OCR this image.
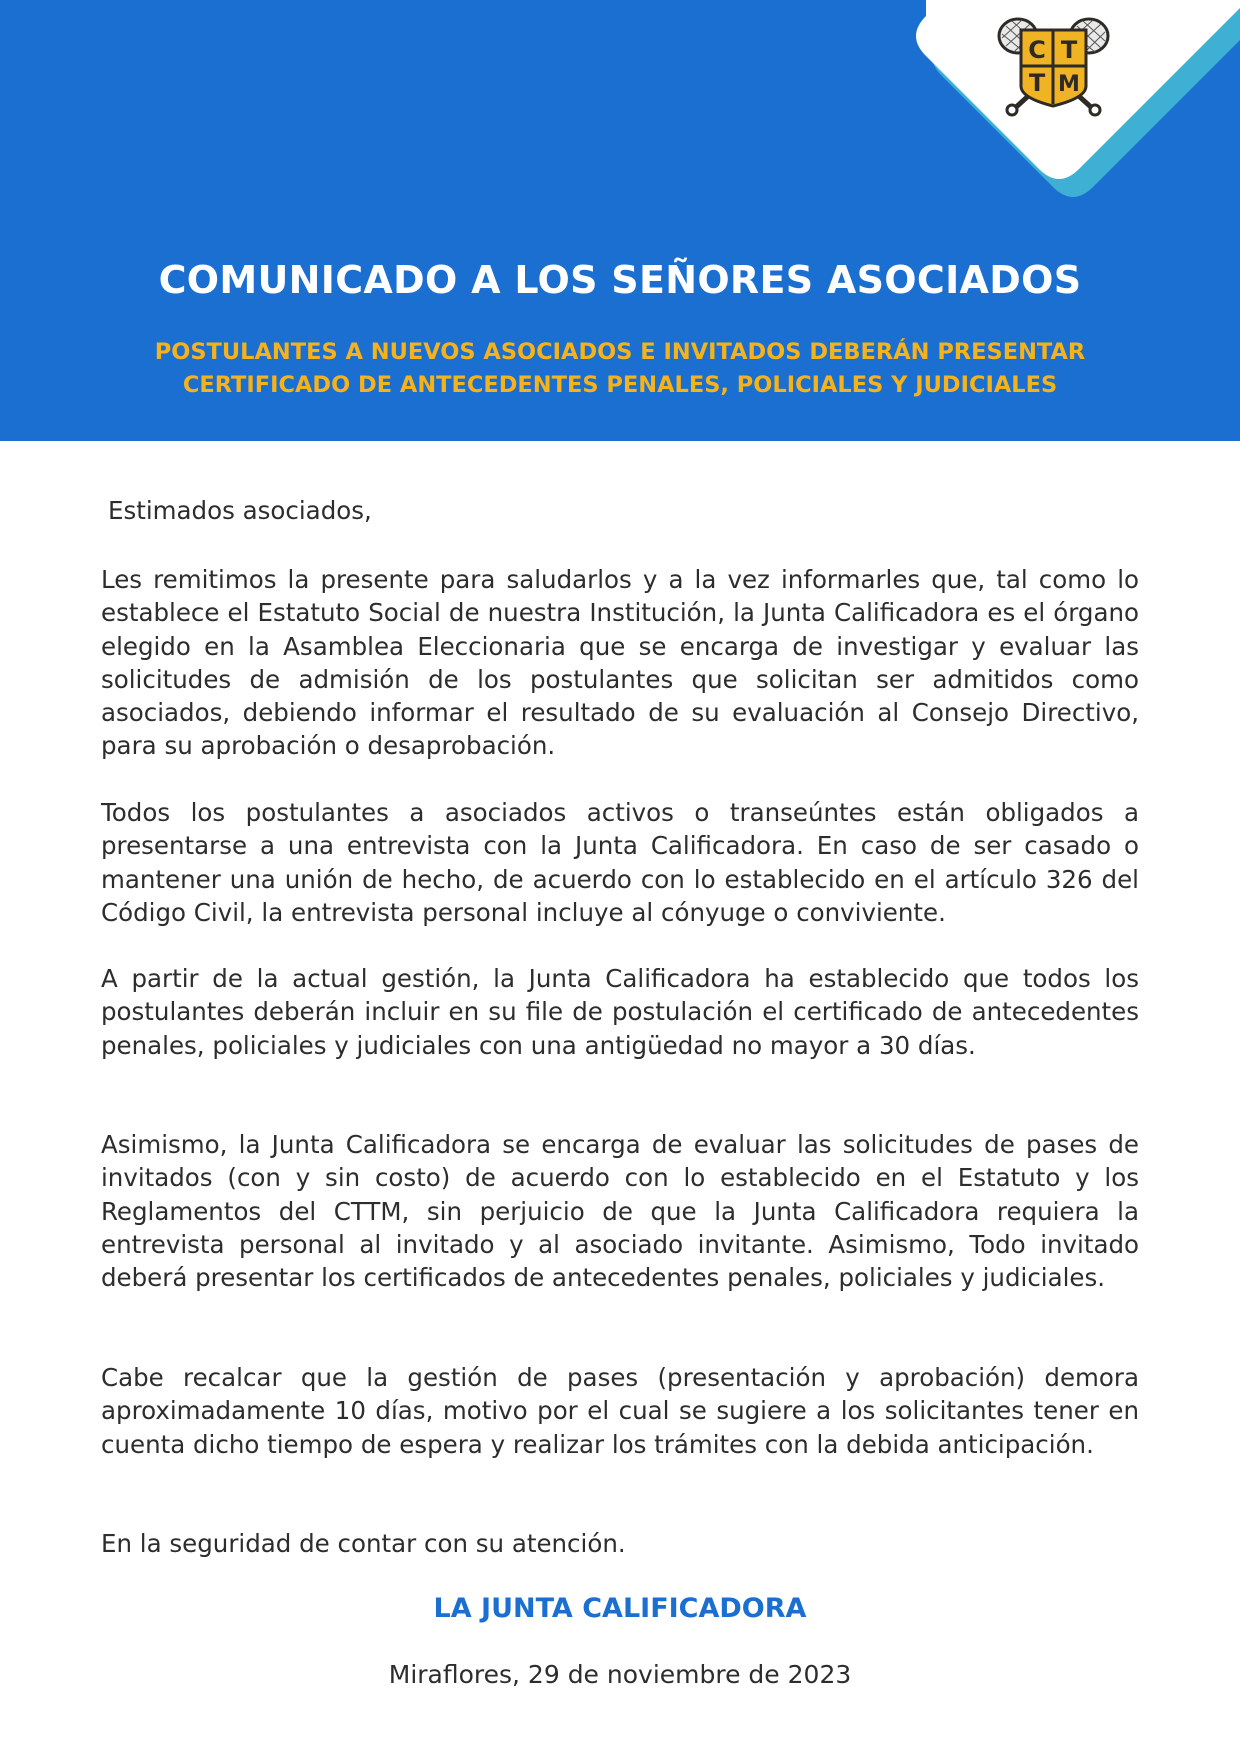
C T
T M
COMUNICADO A LOS SEÑORES ASOCIADOS
POSTULANTES A NUEVOS ASOCIADOS E INVITADOS DEBERÁN PRESENTAR
CERTIFICADO DE ANTECEDENTES PENALES, POLICIALES Y JUDICIALES
Estimados asociados,
Les remitimos la presente para saludarlos y a la vez informarles que, tal como lo establece el Estatuto Social de nuestra Institución, la Junta Calificadora es el órgano elegido en la Asamblea Eleccionaria que se encarga de investigar y evaluar las solicitudes de admisión de los postulantes que solicitan ser admitidos como asociados, debiendo informar el resultado de su evaluación al Consejo Directivo, para su aprobación o desaprobación.
Todos los postulantes a asociados activos o transeúntes están obligados a presentarse a una entrevista con la Junta Calificadora. En caso de ser casado o mantener una unión de hecho, de acuerdo con lo establecido en el artículo 326 del Código Civil, la entrevista personal incluye al cónyuge o conviviente.
A partir de la actual gestión, la Junta Calificadora ha establecido que todos los postulantes deberán incluir en su file de postulación el certificado de antecedentes penales, policiales y judiciales con una antigüedad no mayor a 30 días.
Asimismo, la Junta Calificadora se encarga de evaluar las solicitudes de pases de invitados (con y sin costo) de acuerdo con lo establecido en el Estatuto y los Reglamentos del CTTM, sin perjuicio de que la Junta Calificadora requiera la entrevista personal al invitado y al asociado invitante. Asimismo, Todo invitado deberá presentar los certificados de antecedentes penales, policiales y judiciales.
Cabe recalcar que la gestión de pases (presentación y aprobación) demora aproximadamente 10 días, motivo por el cual se sugiere a los solicitantes tener en cuenta dicho tiempo de espera y realizar los trámites con la debida anticipación.
En la seguridad de contar con su atención.
LA JUNTA CALIFICADORA
Miraflores, 29 de noviembre de 2023
